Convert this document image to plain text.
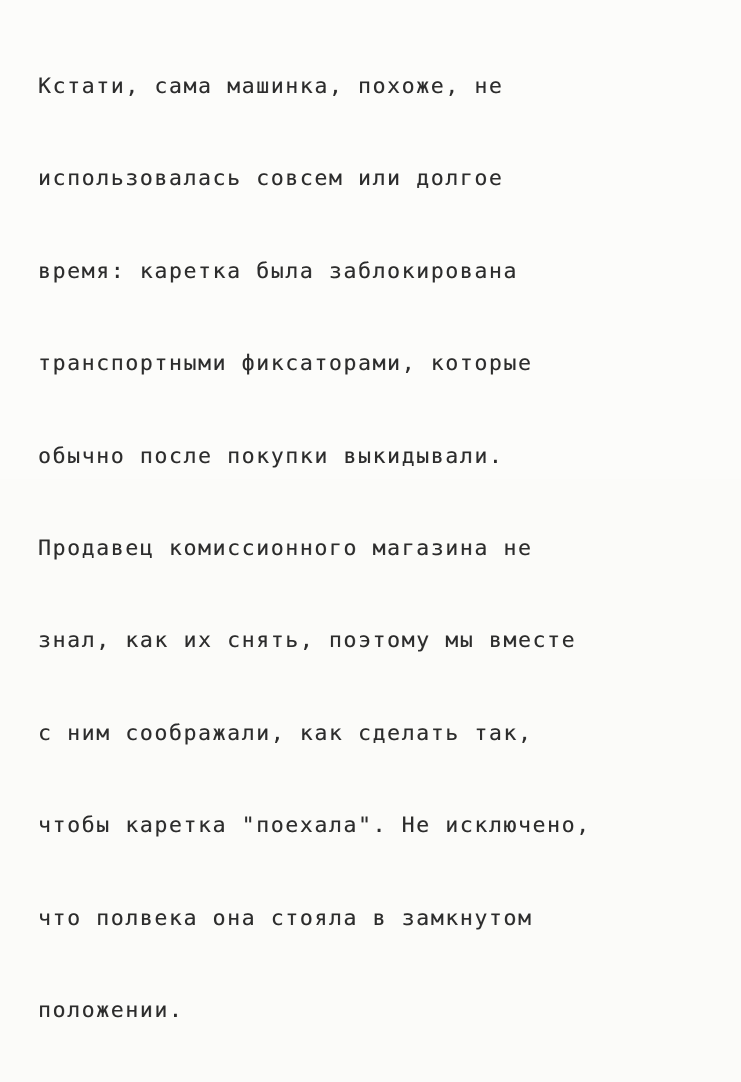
Кстати, сама машинка, похоже, не

использовалась совсем или долгое

время: каретка была заблокирована

транспортными фиксаторами, которые

обычно после покупки выкидывали.

Продавец комиссионного магазина не

знал, как их снять, поэтому мы вместе

с ним соображали, как сделать так,

чтобы каретка "поехала". Не исключено,

что полвека она стояла в замкнутом

положении.
